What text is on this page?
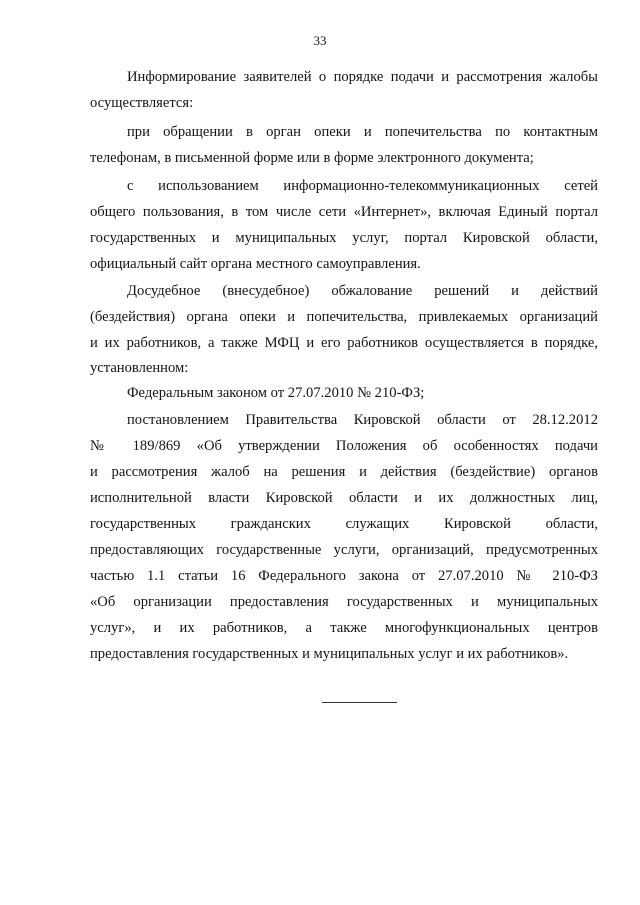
33
Информирование заявителей о порядке подачи и рассмотрения жалобы
осуществляется:
при обращении в орган опеки и попечительства по контактным
телефонам, в письменной форме или в форме электронного документа;
с использованием информационно-телекоммуникационных сетей
общего пользования, в том числе сети «Интернет», включая Единый портал
государственных и муниципальных услуг, портал Кировской области,
официальный сайт органа местного самоуправления.
Досудебное (внесудебное) обжалование решений и действий
(бездействия) органа опеки и попечительства, привлекаемых организаций
и их работников, а также МФЦ и его работников осуществляется в порядке,
установленном:
Федеральным законом от 27.07.2010 № 210-ФЗ;
постановлением Правительства Кировской области от 28.12.2012
№ 189/869 «Об утверждении Положения об особенностях подачи
и рассмотрения жалоб на решения и действия (бездействие) органов
исполнительной власти Кировской области и их должностных лиц,
государственных гражданских служащих Кировской области,
предоставляющих государственные услуги, организаций, предусмотренных
частью 1.1 статьи 16 Федерального закона от 27.07.2010 № 210-ФЗ
«Об организации предоставления государственных и муниципальных
услуг», и их работников, а также многофункциональных центров
предоставления государственных и муниципальных услуг и их работников».
